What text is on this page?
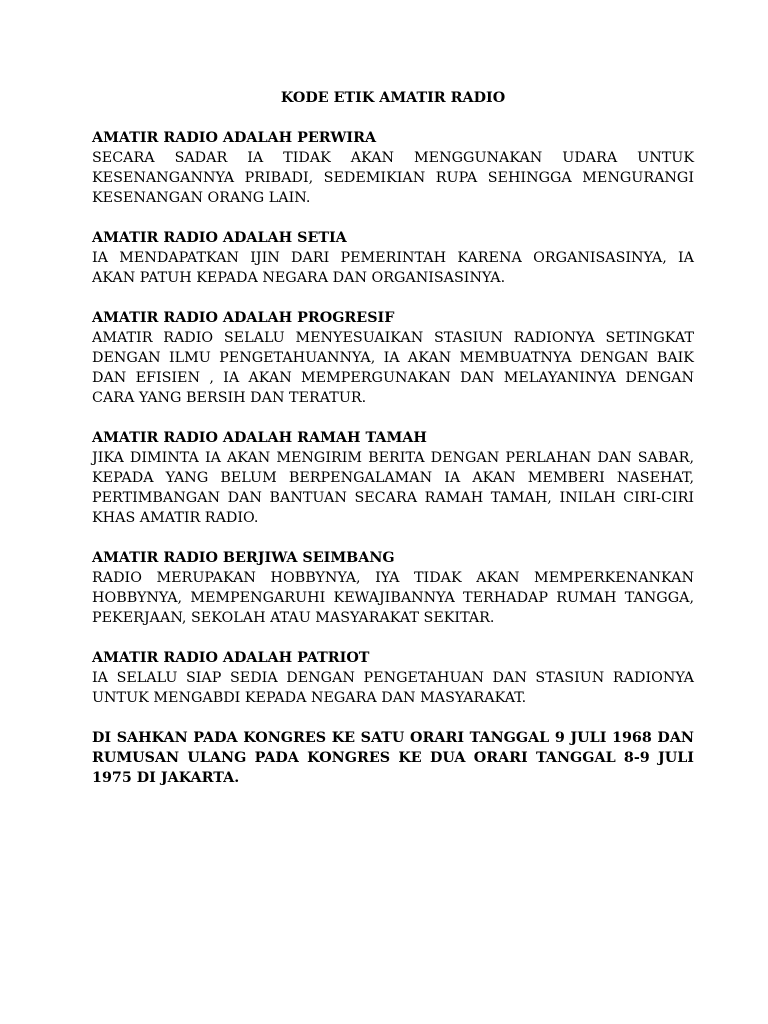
KODE ETIK AMATIR RADIO

AMATIR RADIO ADALAH PERWIRA

SECARA SADAR IA TIDAK AKAN MENGGUNAKAN UDARA UNTUK KESENANGANNYA PRIBADI, SEDEMIKIAN RUPA SEHINGGA MENGURANGI KESENANGAN ORANG LAIN.

AMATIR RADIO ADALAH SETIA

IA MENDAPATKAN IJIN DARI PEMERINTAH KARENA ORGANISASINYA, IA AKAN PATUH KEPADA NEGARA DAN ORGANISASINYA.

AMATIR RADIO ADALAH PROGRESIF

AMATIR RADIO SELALU MENYESUAIKAN STASIUN RADIONYA SETINGKAT DENGAN ILMU PENGETAHUANNYA, IA AKAN MEMBUATNYA DENGAN BAIK DAN EFISIEN , IA AKAN MEMPERGUNAKAN DAN MELAYANINYA DENGAN CARA YANG BERSIH DAN TERATUR.

AMATIR RADIO ADALAH RAMAH TAMAH

JIKA DIMINTA IA AKAN MENGIRIM BERITA DENGAN PERLAHAN DAN SABAR, KEPADA YANG BELUM BERPENGALAMAN IA AKAN MEMBERI NASEHAT, PERTIMBANGAN DAN BANTUAN SECARA RAMAH TAMAH, INILAH CIRI-CIRI KHAS AMATIR RADIO.

AMATIR RADIO BERJIWA SEIMBANG

RADIO MERUPAKAN HOBBYNYA, IYA TIDAK AKAN MEMPERKENANKAN HOBBYNYA, MEMPENGARUHI KEWAJIBANNYA TERHADAP RUMAH TANGGA, PEKERJAAN, SEKOLAH ATAU MASYARAKAT SEKITAR.

AMATIR RADIO ADALAH PATRIOT

IA SELALU SIAP SEDIA DENGAN PENGETAHUAN DAN STASIUN RADIONYA UNTUK MENGABDI KEPADA NEGARA DAN MASYARAKAT.

DI SAHKAN PADA KONGRES KE SATU ORARI TANGGAL 9 JULI 1968 DAN RUMUSAN ULANG PADA KONGRES KE DUA ORARI TANGGAL 8-9 JULI 1975 DI JAKARTA.
